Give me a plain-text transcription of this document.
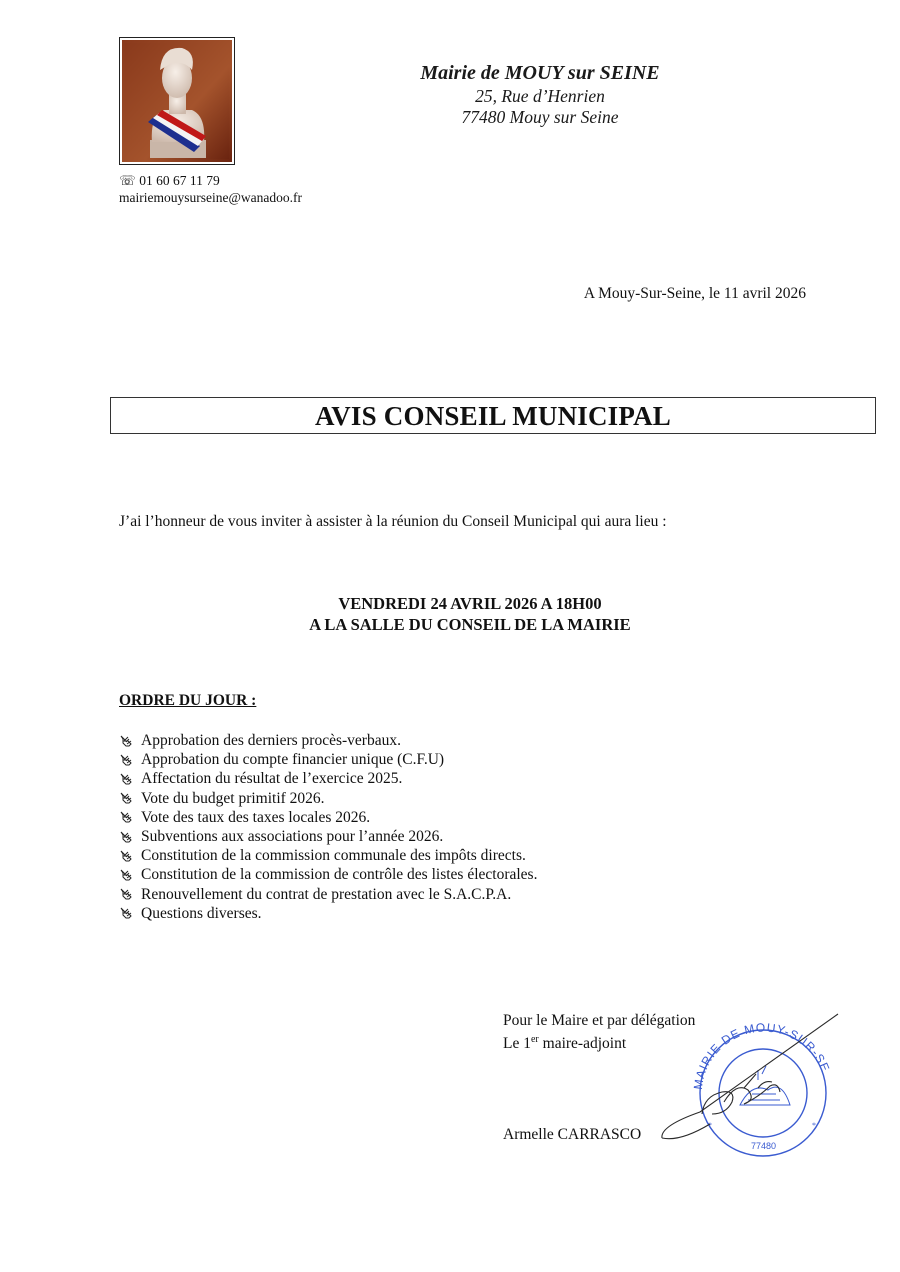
☏ 01 60 67 11 79
mairiemouysurseine@wanadoo.fr
Mairie de MOUY sur SEINE
25, Rue d’Henrien
77480 Mouy sur Seine
A Mouy-Sur-Seine, le 11 avril 2026
AVIS CONSEIL MUNICIPAL
J’ai l’honneur de vous inviter à assister à la réunion du Conseil Municipal qui aura lieu :
VENDREDI 24 AVRIL 2026 A 18H00
A LA SALLE DU CONSEIL DE LA MAIRIE
ORDRE DU JOUR :
Approbation des derniers procès-verbaux.
Approbation du compte financier unique (C.F.U)
Affectation du résultat de l’exercice 2025.
Vote du budget primitif 2026.
Vote des taux des taxes locales 2026.
Subventions aux associations pour l’année 2026.
Constitution de la commission communale des impôts directs.
Constitution de la commission de contrôle des listes électorales.
Renouvellement du contrat de prestation avec le S.A.C.P.A.
Questions diverses.
Pour le Maire et par délégation
Le 1er maire-adjoint
Armelle CARRASCO
MAIRIE DE MOUY-SUR-SE
77480
*	*
